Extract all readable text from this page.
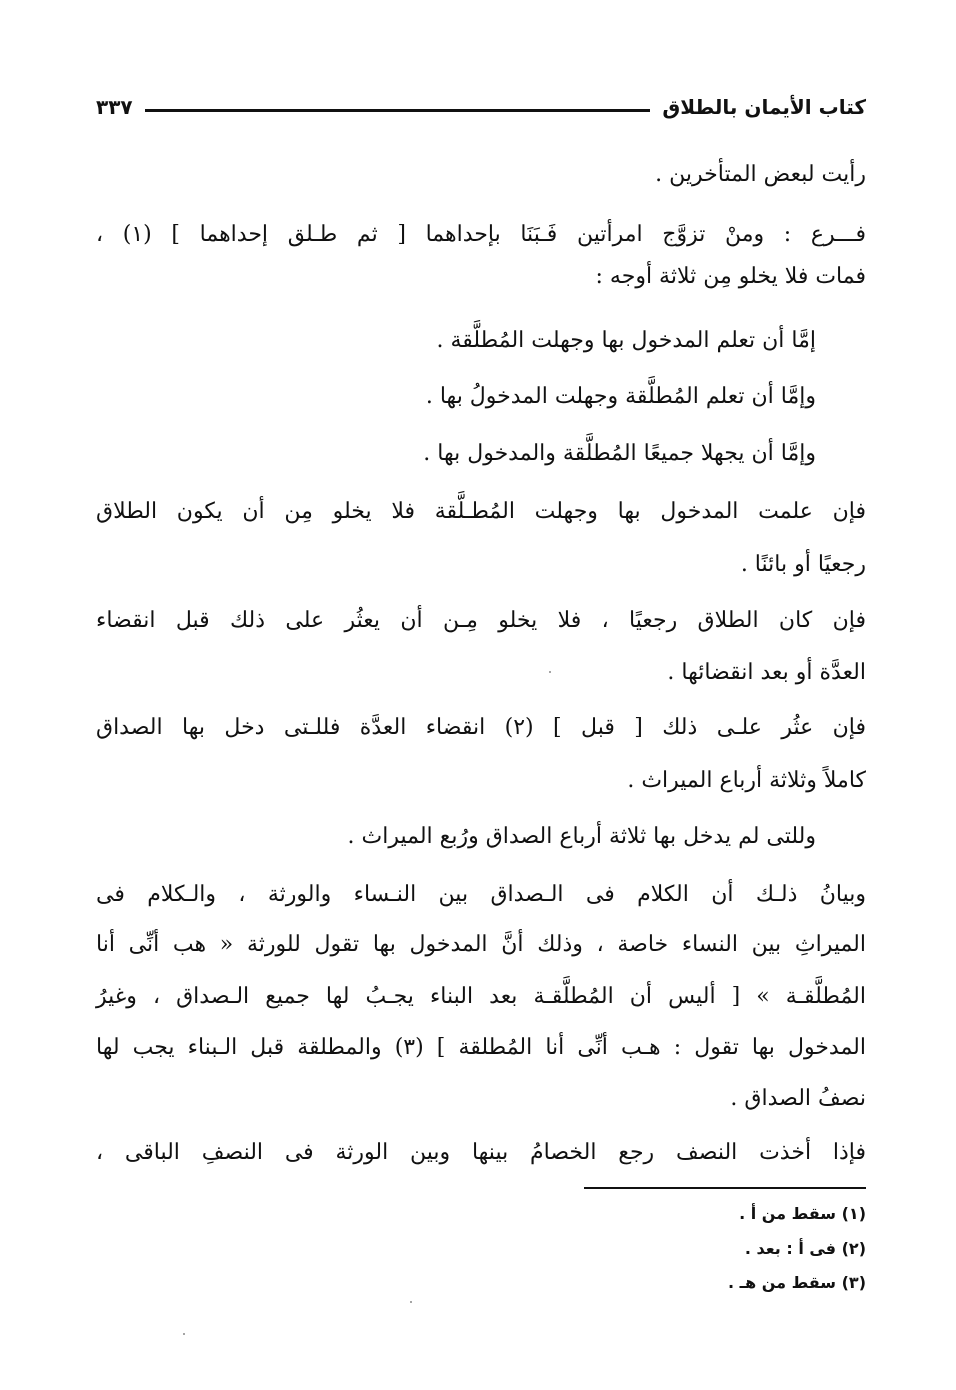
كتاب الأيمان بالطلاق
٣٣٧
رأيت لبعض المتأخرين .
فـــرع : ومنْ تزوَّج امرأتين فَـبَنَا بإحداهما [ ثم طـلق إحداهما ] (١) ،
فمات فلا يخلو مِن ثلاثة أوجه :
إمَّا أن تعلم المدخول بها وجهلت المُطلَّقة .
وإمَّا أن تعلم المُطلَّقة وجهلت المدخولُ بها .
وإمَّا أن يجهلا جميعًا المُطلَّقة والمدخول بها .
فإن علمت المدخول بها وجهلت المُطـلَّقة فلا يخلو مِن أن يكون الطلاق
رجعيًا أو بائنًا .
فإن كان الطلاق رجعيًا ، فلا يخلو مِـن أن يعثُر على ذلك قبل انقضاء
العدَّة أو بعد انقضائها .
فإن عثُر علـى ذلك [ قبل ] (٢) انقضاء العدَّة فللـتى دخل بها الصداق
كاملاً وثلاثة أرباع الميراث .
وللتى لم يدخل بها ثلاثة أرباع الصداق ورُبع الميراث .
وبيانُ ذلـك أن الكلام فى الـصداق بين النـساء والورثة ، والـكلام فى
الميراثِ بين النساء خاصة ، وذلك أنَّ المدخول بها تقول للورثة « هب أنِّى أنا
المُطلَّقـة » [ أليس أن المُطلَّقـة بعد البناء يجـبُ لها جميع الـصداق ، وغيرُ
المدخول بها تقول : هـب أنِّى أنا المُطلقة ] (٣) والمطلقة قبل الـبناء يجب لها
نصفُ الصداق .
فإذا أخذت النصف رجع الخصامُ بينها وبين الورثة فى النصفِ الباقى ،
(١) سقط من أ .
(٢) فى أ : بعد .
(٣) سقط من هـ .
